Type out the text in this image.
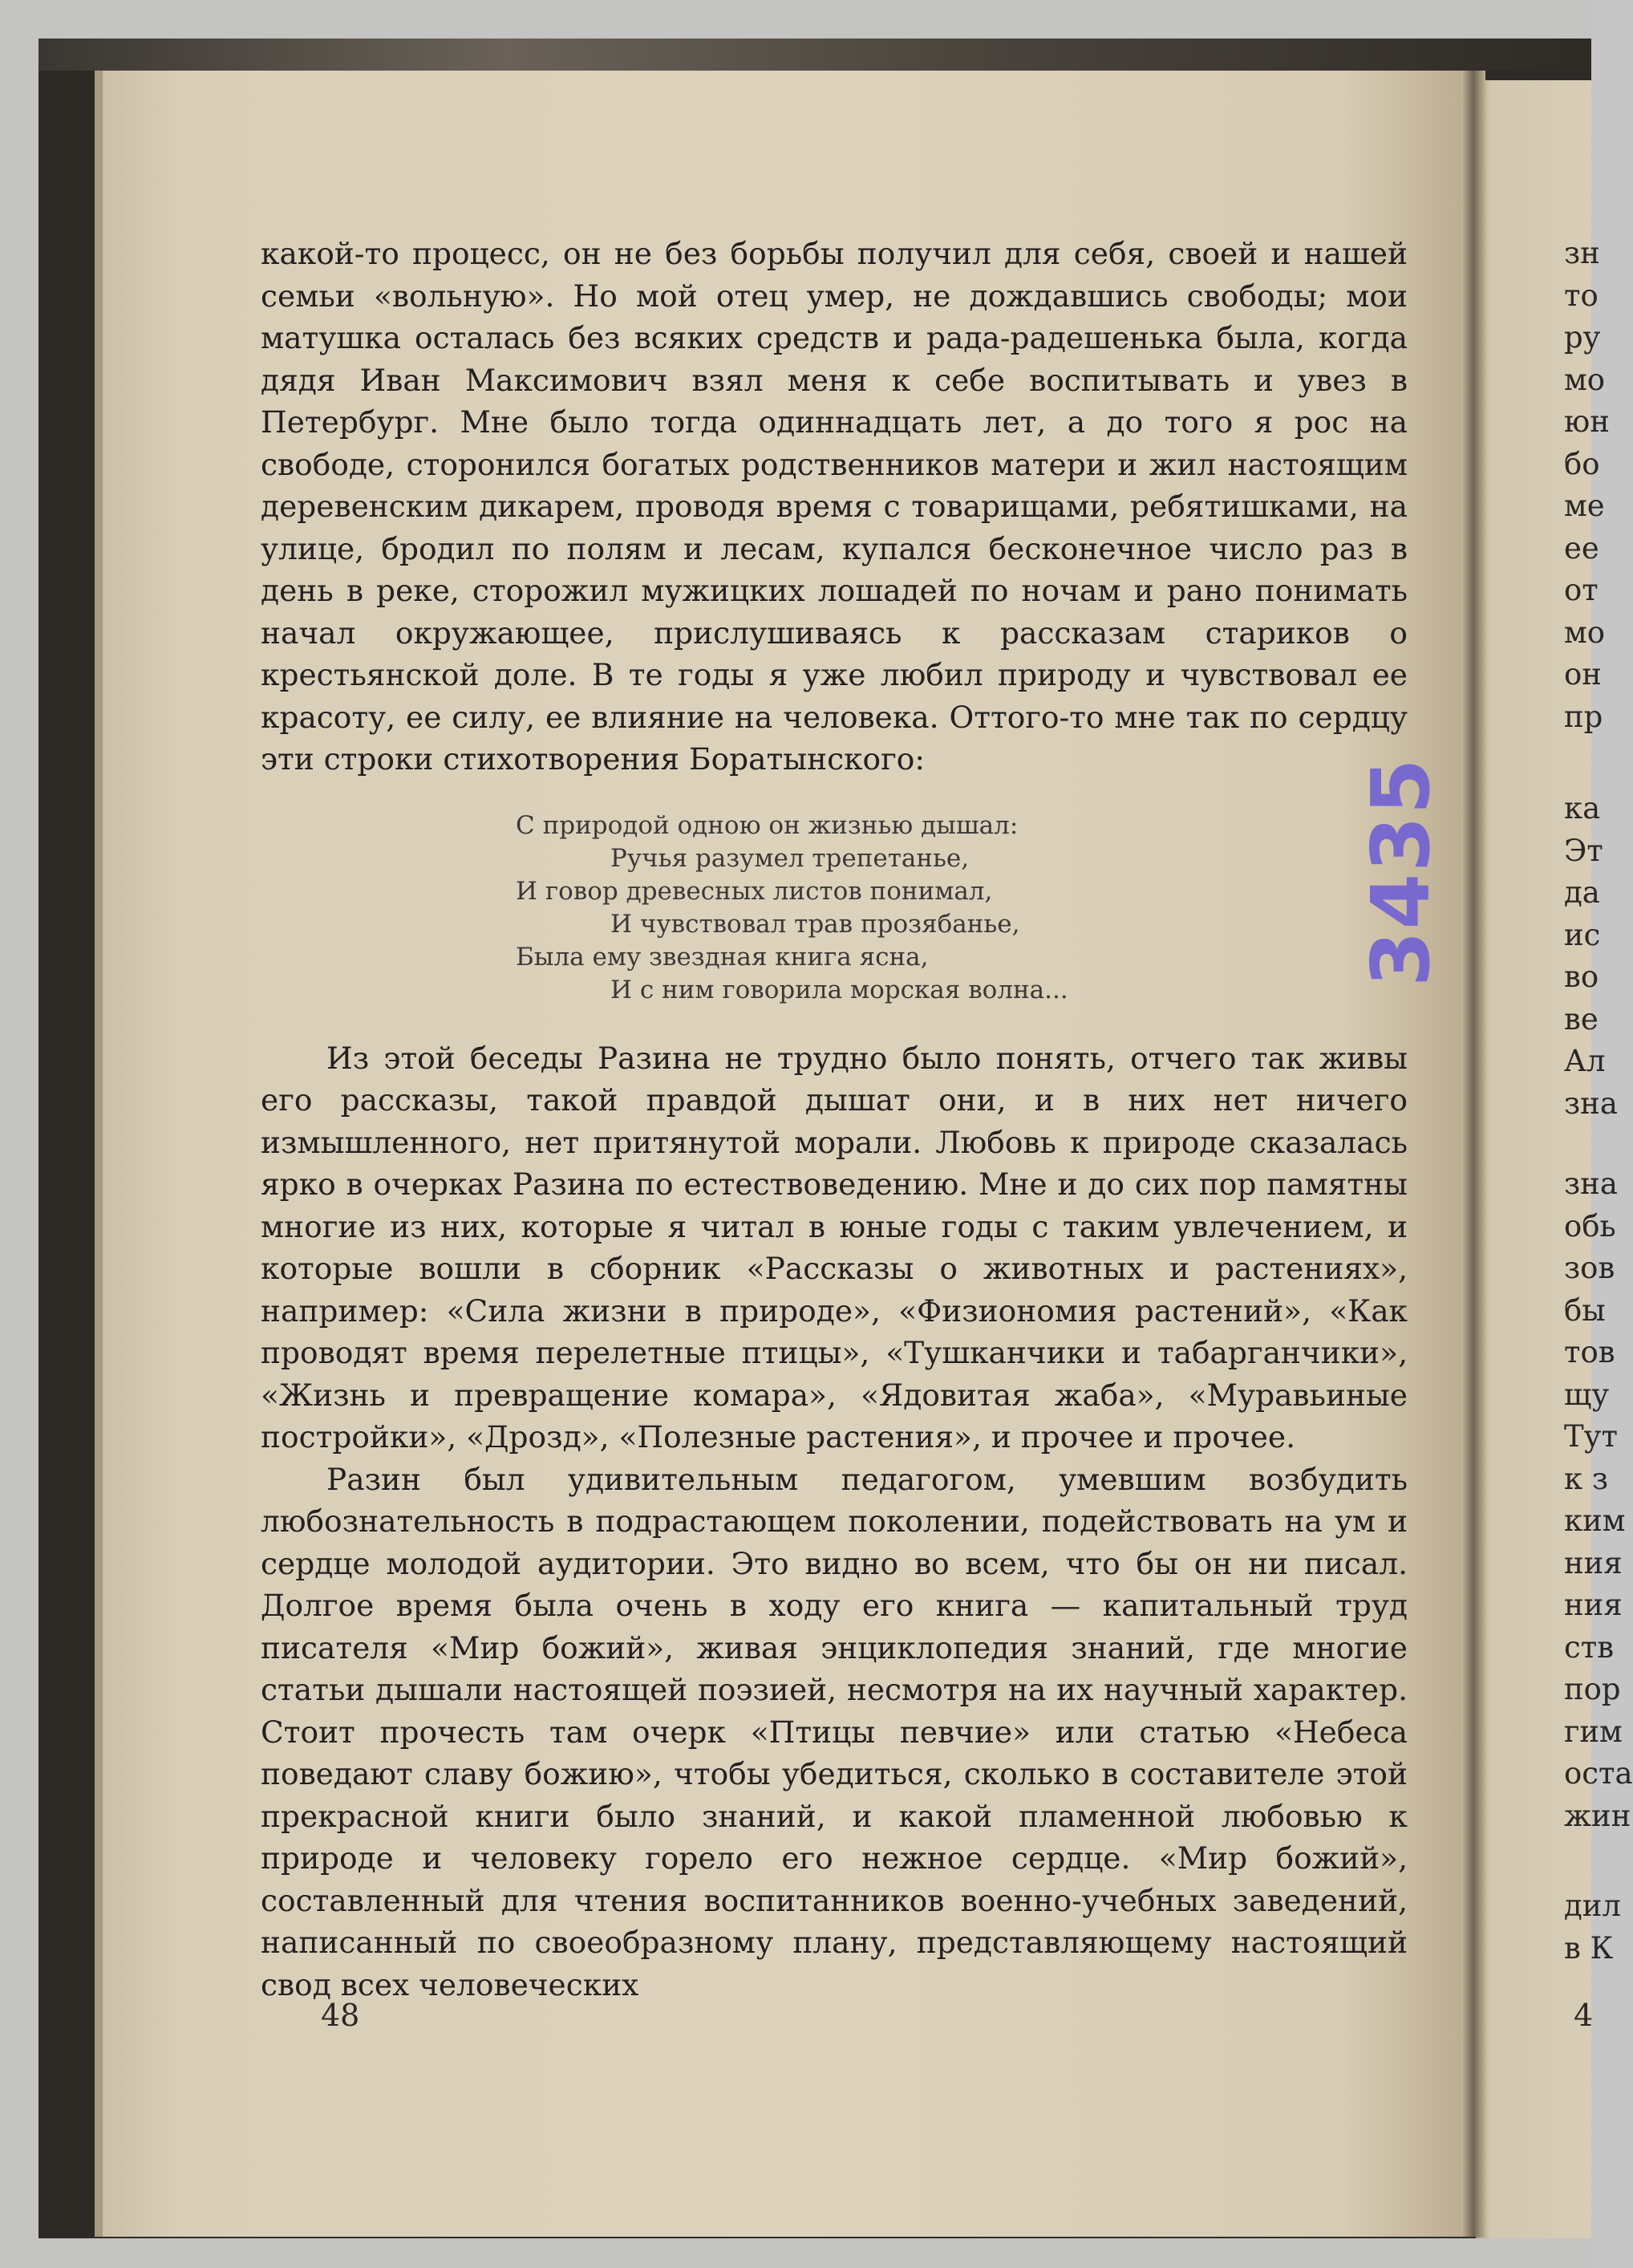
какой-то процесс, он не без борьбы получил для себя, своей и нашей семьи «вольную». Но мой отец умер, не дождавшись свободы; мои матушка осталась без всяких средств и рада-радешенька была, когда дядя Иван Максимович взял меня к себе воспитывать и увез в Петербург. Мне было тогда одиннадцать лет, а до того я рос на свободе, сторонился богатых родственников матери и жил настоящим деревенским дикарем, проводя время с товарищами, ребятишками, на улице, бродил по полям и лесам, купался бесконечное число раз в день в реке, сторожил мужицких лошадей по ночам и рано понимать начал окружающее, прислушиваясь к рассказам стариков о крестьянской доле. В те годы я уже любил природу и чувствовал ее красоту, ее силу, ее влияние на человека. Оттого-то мне так по сердцу эти строки стихотворения Боратынского:

С природой одною он жизнью дышал:
Ручья разумел трепетанье,
И говор древесных листов понимал,
И чувствовал трав прозябанье,
Была ему звездная книга ясна,
И с ним говорила морская волна...

Из этой беседы Разина не трудно было понять, отчего так живы его рассказы, такой правдой дышат они, и в них нет ничего измышленного, нет притянутой морали. Любовь к природе сказалась ярко в очерках Разина по естествоведению. Мне и до сих пор памятны многие из них, которые я читал в юные годы с таким увлечением, и которые вошли в сборник «Рассказы о животных и растениях», например: «Сила жизни в природе», «Физиономия растений», «Как проводят время перелетные птицы», «Тушканчики и табарганчики», «Жизнь и превращение комара», «Ядовитая жаба», «Муравьиные постройки», «Дрозд», «Полезные растения», и прочее и прочее.

Разин был удивительным педагогом, умевшим возбудить любознательность в подрастающем поколении, подействовать на ум и сердце молодой аудитории. Это видно во всем, что бы он ни писал. Долгое время была очень в ходу его книга — капитальный труд писателя «Мир божий», живая энциклопедия знаний, где многие статьи дышали настоящей поэзией, несмотря на их научный характер. Стоит прочесть там очерк «Птицы певчие» или статью «Небеса поведают славу божию», чтобы убедиться, сколько в составителе этой прекрасной книги было знаний, и какой пламенной любовью к природе и человеку горело его нежное сердце. «Мир божий», составленный для чтения воспитанников военно-учебных заведений, написанный по своеобразному плану, представляющему настоящий свод всех человеческих

48
зн
то
ру
мо
юн
бо
ме
ее
от
мо
он
пр
ка
Эт
да
ис
во
ве
Ал
зна
зна
обь
зов
бы
тов
щу
Тут
к з
ким
ния
ния
ств
пор
гим
оста
жин
дил
в К
4
3435
